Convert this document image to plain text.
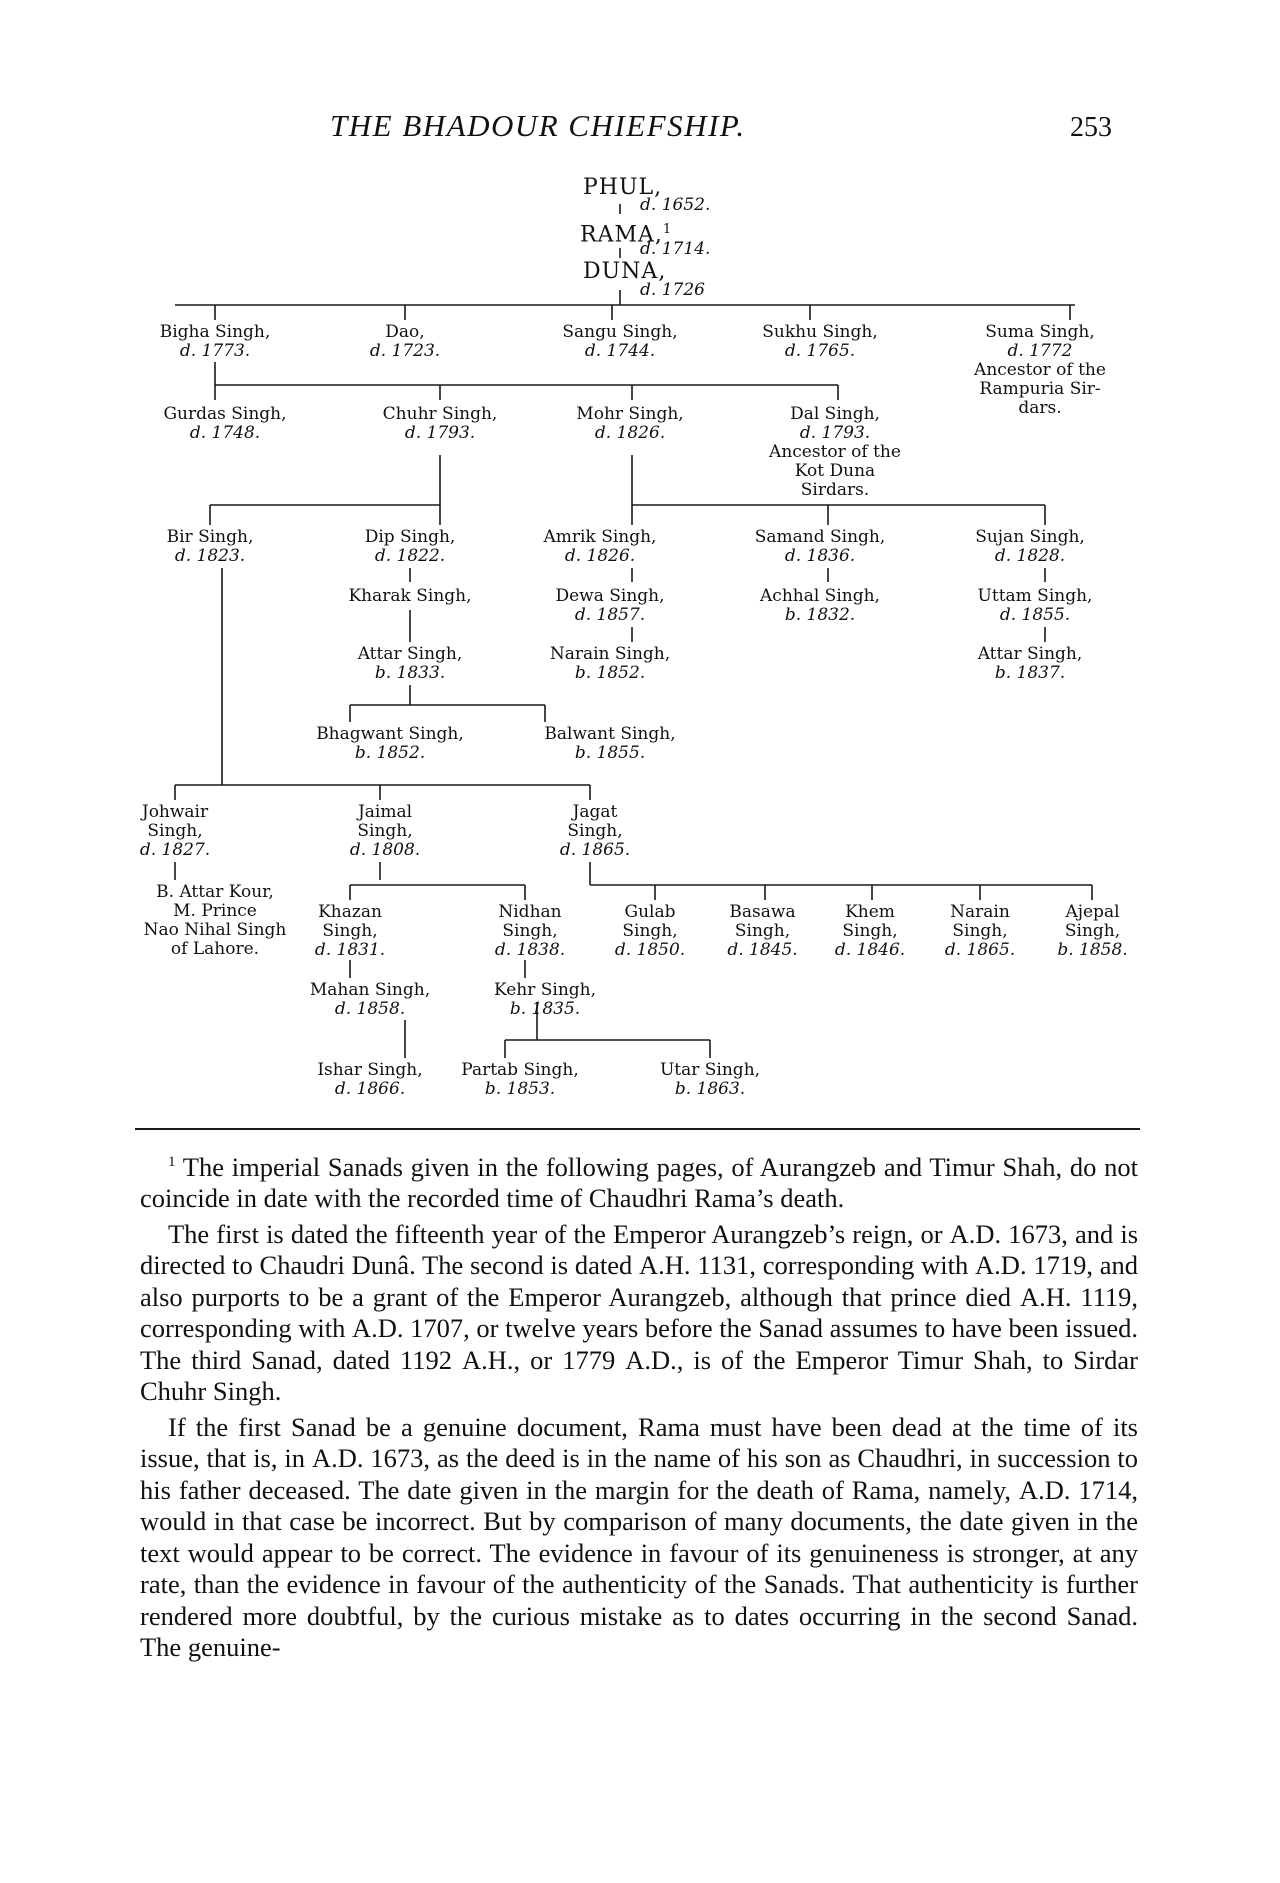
THE BHADOUR CHIEFSHIP.	253
PHUL,
d. 1652.
RAMA,$^1$
d. 1714.
DUNA,
d. 1726
Bigha Singh,
d. 1773.
Dao,
d. 1723.
Sangu Singh,
d. 1744.
Sukhu Singh,
d. 1765.
Suma Singh,
d. 1772
Ancestor of the
Rampuria Sir-
dars.
Gurdas Singh,
d. 1748.
Chuhr Singh,
d. 1793.
Mohr Singh,
d. 1826.
Dal Singh,
d. 1793.
Ancestor of the
Kot Duna
Sirdars.
Bir Singh,
d. 1823.
Dip Singh,
d. 1822.
Amrik Singh,
d. 1826.
Samand Singh,
d. 1836.
Sujan Singh,
d. 1828.
Kharak Singh,	Dewa Singh,
d. 1857.
Achhal Singh,
b. 1832.
Uttam Singh,
d. 1855.
Attar Singh,
b. 1833.
Narain Singh,
b. 1852.
Attar Singh,
b. 1837.
Bhagwant Singh,
b. 1852.
Balwant Singh,
b. 1855.
Johwair
Singh,
d. 1827.
Jaimal
Singh,
d. 1808.
Jagat
Singh,
d. 1865.
B. Attar Kour,
M. Prince
Nao Nihal Singh
of Lahore.
Khazan
Singh,
d. 1831.
Nidhan
Singh,
d. 1838.
Gulab
Singh,
d. 1850.
Basawa
Singh,
d. 1845.
Khem
Singh,
d. 1846.
Narain
Singh,
d. 1865.
Ajepal
Singh,
b. 1858.
Mahan Singh,
d. 1858.
Kehr Singh,
b. 1835.
Ishar Singh,
d. 1866.
Partab Singh,
b. 1853.
Utar Singh,
b. 1863.

$^1$ The imperial Sanads given in the following pages, of Aurangzeb and Timur Shah, do not coincide in date with the recorded time of Chaudhri Rama’s death.

The first is dated the fifteenth year of the Emperor Aurangzeb’s reign, or A.D. 1673, and is directed to Chaudri Dunâ. The second is dated A.H. 1131, corresponding with A.D. 1719, and also purports to be a grant of the Emperor Aurangzeb, although that prince died A.H. 1119, corresponding with A.D. 1707, or twelve years before the Sanad assumes to have been issued. The third Sanad, dated 1192 A.H., or 1779 A.D., is of the Emperor Timur Shah, to Sirdar Chuhr Singh.

If the first Sanad be a genuine document, Rama must have been dead at the time of its issue, that is, in A.D. 1673, as the deed is in the name of his son as Chaudhri, in succession to his father deceased. The date given in the margin for the death of Rama, namely, A.D. 1714, would in that case be incorrect. But by comparison of many documents, the date given in the text would appear to be correct. The evidence in favour of its genuineness is stronger, at any rate, than the evidence in favour of the authenticity of the Sanads. That authenticity is further rendered more doubtful, by the curious mistake as to dates occurring in the second Sanad. The genuine-
